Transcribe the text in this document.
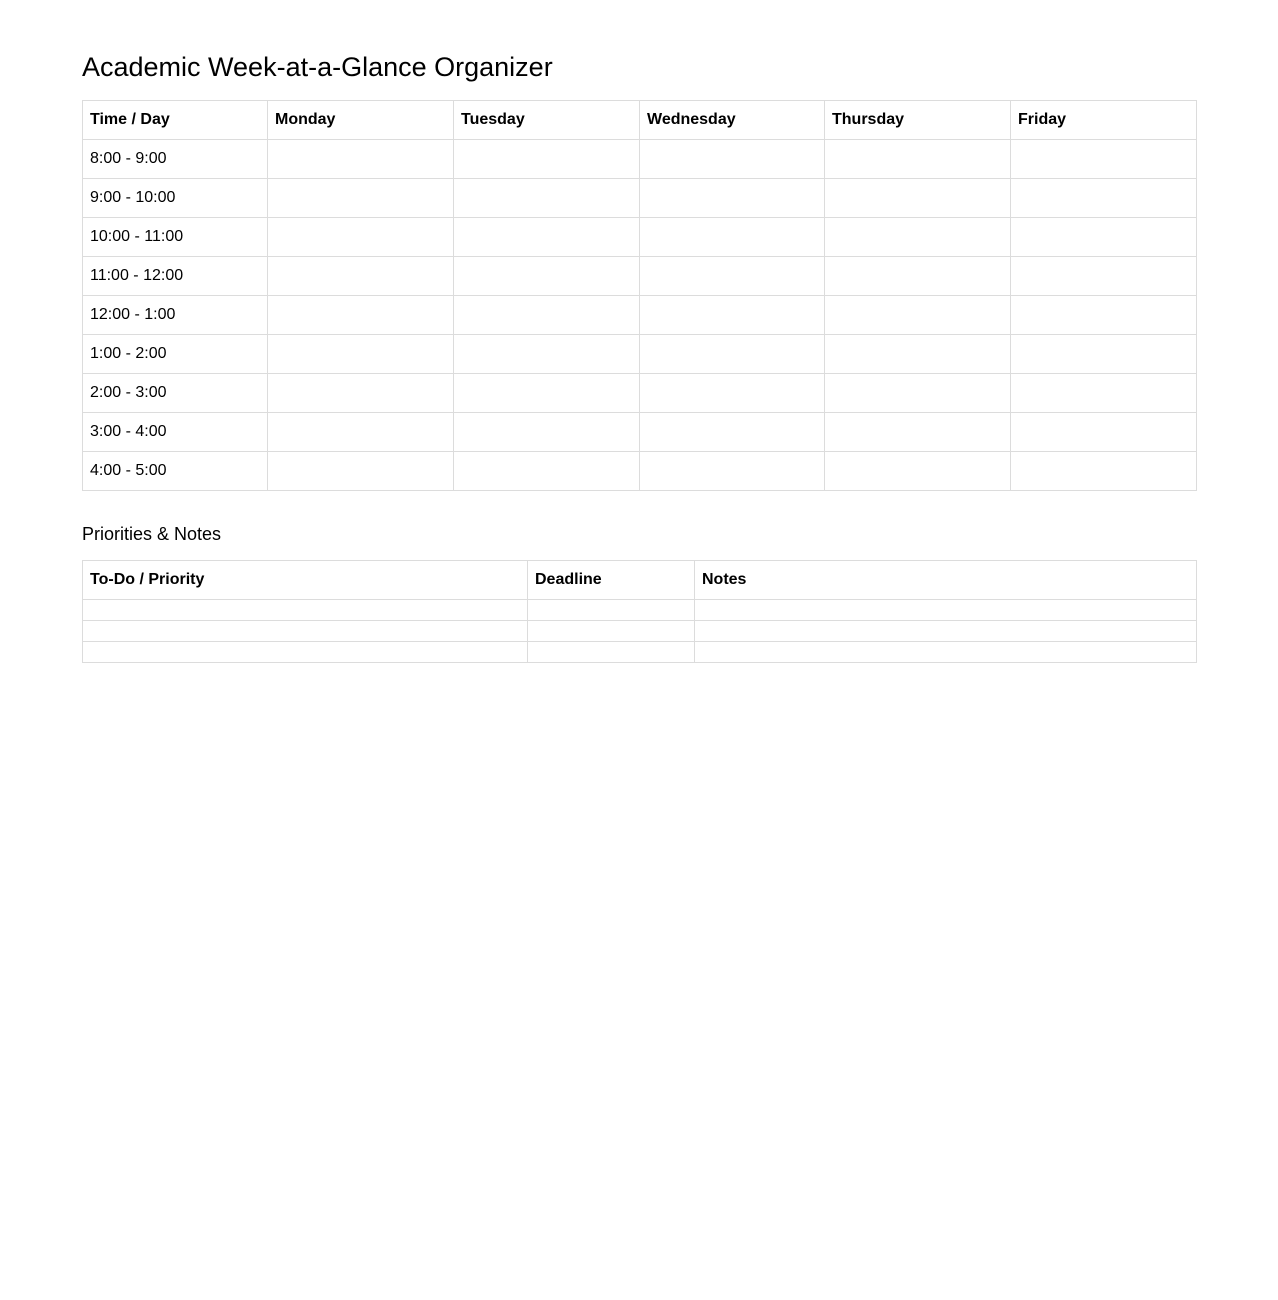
Academic Week-at-a-Glance Organizer
Time / Day	Monday	Tuesday	Wednesday	Thursday	Friday
8:00 - 9:00					
9:00 - 10:00					
10:00 - 11:00					
11:00 - 12:00					
12:00 - 1:00					
1:00 - 2:00					
2:00 - 3:00					
3:00 - 4:00					
4:00 - 5:00					
Priorities & Notes
To-Do / Priority	Deadline	Notes
